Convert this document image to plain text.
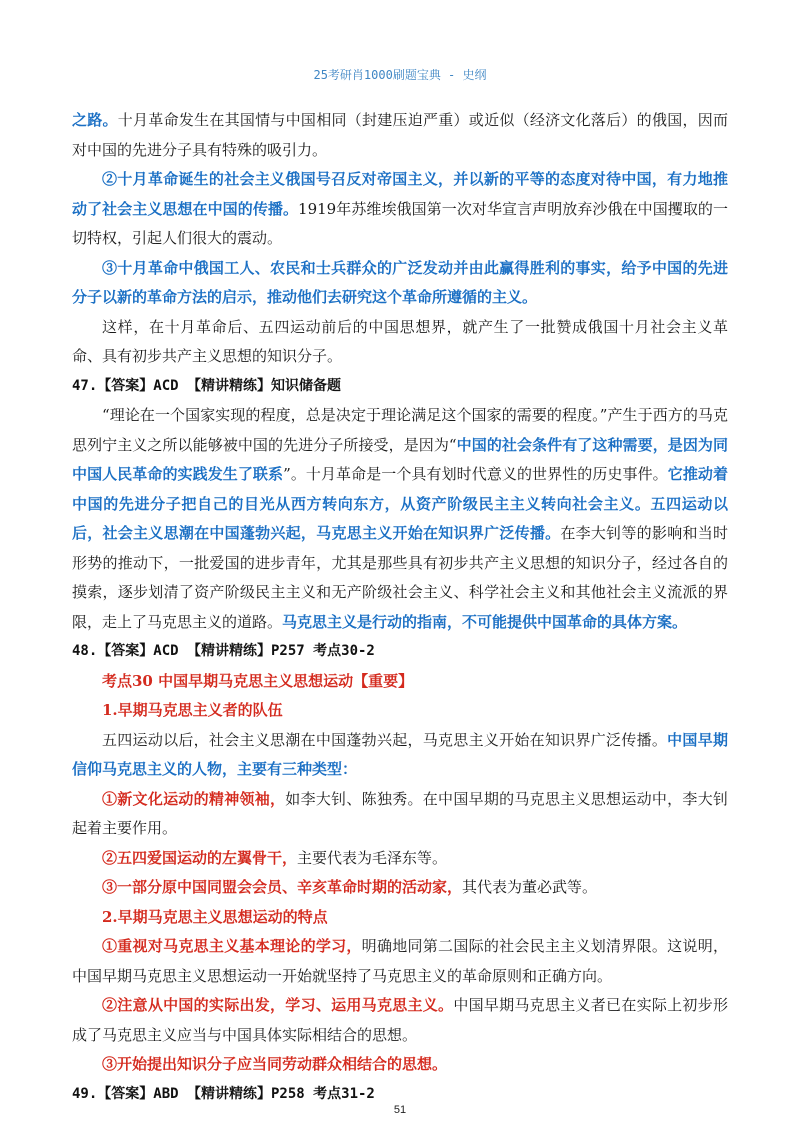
25考研肖1000刷题宝典 - 史纲

之路。十月革命发生在其国情与中国相同（封建压迫严重）或近似（经济文化落后）的俄国，因而对中国的先进分子具有特殊的吸引力。

②十月革命诞生的社会主义俄国号召反对帝国主义，并以新的平等的态度对待中国，有力地推动了社会主义思想在中国的传播。1919年苏维埃俄国第一次对华宣言声明放弃沙俄在中国攫取的一切特权，引起人们很大的震动。

③十月革命中俄国工人、农民和士兵群众的广泛发动并由此赢得胜利的事实，给予中国的先进分子以新的革命方法的启示，推动他们去研究这个革命所遵循的主义。

这样，在十月革命后、五四运动前后的中国思想界，就产生了一批赞成俄国十月社会主义革命、具有初步共产主义思想的知识分子。

47.【答案】ACD 【精讲精练】知识储备题

“理论在一个国家实现的程度，总是决定于理论满足这个国家的需要的程度。”产生于西方的马克思列宁主义之所以能够被中国的先进分子所接受，是因为“中国的社会条件有了这种需要，是因为同中国人民革命的实践发生了联系”。十月革命是一个具有划时代意义的世界性的历史事件。它推动着中国的先进分子把自己的目光从西方转向东方，从资产阶级民主主义转向社会主义。五四运动以后，社会主义思潮在中国蓬勃兴起，马克思主义开始在知识界广泛传播。在李大钊等的影响和当时形势的推动下，一批爱国的进步青年，尤其是那些具有初步共产主义思想的知识分子，经过各自的摸索，逐步划清了资产阶级民主主义和无产阶级社会主义、科学社会主义和其他社会主义流派的界限，走上了马克思主义的道路。马克思主义是行动的指南，不可能提供中国革命的具体方案。

48.【答案】ACD 【精讲精练】P257 考点30-2

考点30 中国早期马克思主义思想运动【重要】

1.早期马克思主义者的队伍

五四运动以后，社会主义思潮在中国蓬勃兴起，马克思主义开始在知识界广泛传播。中国早期信仰马克思主义的人物，主要有三种类型：

①新文化运动的精神领袖，如李大钊、陈独秀。在中国早期的马克思主义思想运动中，李大钊起着主要作用。

②五四爱国运动的左翼骨干，主要代表为毛泽东等。

③一部分原中国同盟会会员、辛亥革命时期的活动家，其代表为董必武等。

2.早期马克思主义思想运动的特点

①重视对马克思主义基本理论的学习，明确地同第二国际的社会民主主义划清界限。这说明，中国早期马克思主义思想运动一开始就坚持了马克思主义的革命原则和正确方向。

②注意从中国的实际出发，学习、运用马克思主义。中国早期马克思主义者已在实际上初步形成了马克思主义应当与中国具体实际相结合的思想。

③开始提出知识分子应当同劳动群众相结合的思想。

49.【答案】ABD 【精讲精练】P258 考点31-2

51
